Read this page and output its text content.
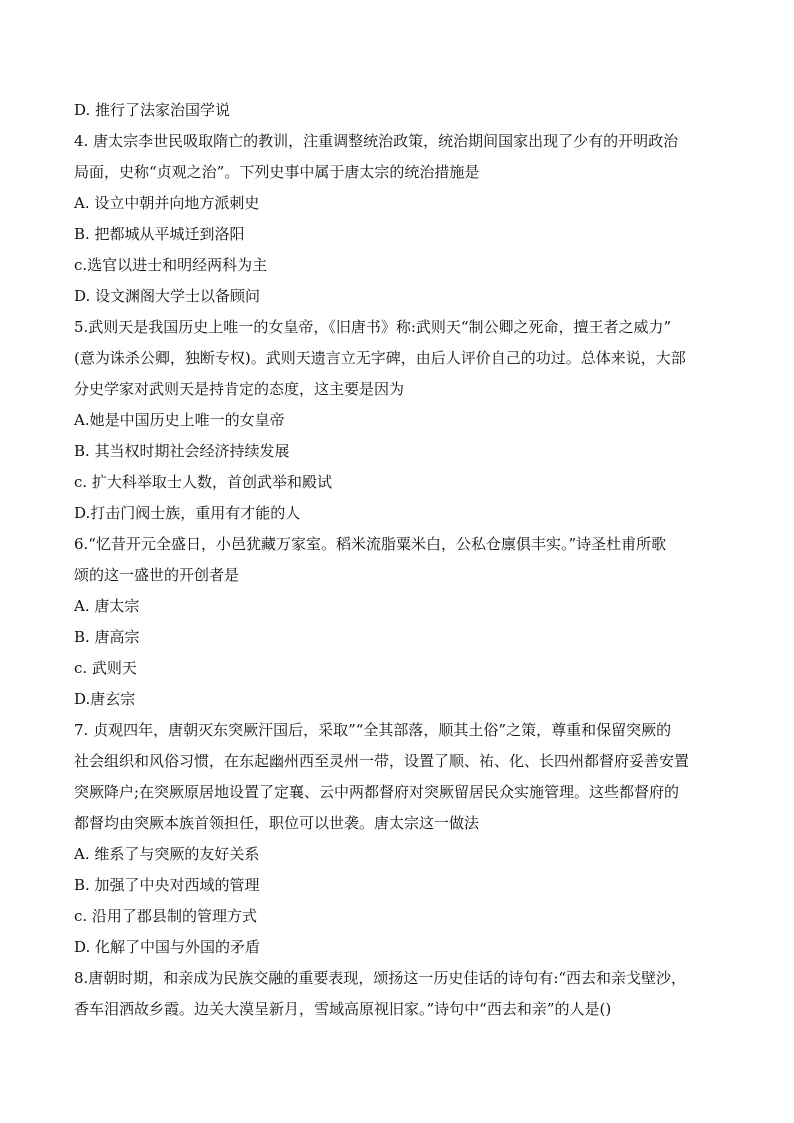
D. 推行了法家治国学说
4. 唐太宗李世民吸取隋亡的教训，注重调整统治政策，统治期间国家出现了少有的开明政治
局面，史称“贞观之治”。下列史事中属于唐太宗的统治措施是
A. 设立中朝并向地方派刺史
B. 把都城从平城迁到洛阳
c.选官以进士和明经两科为主
D. 设文渊阁大学士以备顾问
5.武则天是我国历史上唯一的女皇帝，《旧唐书》称:武则天“制公卿之死命，擅王者之威力”
(意为诛杀公卿，独断专权)。武则天遗言立无字碑，由后人评价自己的功过。总体来说，大部
分史学家对武则天是持肯定的态度，这主要是因为
A.她是中国历史上唯一的女皇帝
B. 其当权时期社会经济持续发展
c. 扩大科举取士人数，首创武举和殿试
D.打击门阀士族，重用有才能的人
6.“忆昔开元全盛日，小邑犹藏万家室。稻米流脂粟米白，公私仓廪俱丰实。”诗圣杜甫所歌
颂的这一盛世的开创者是
A. 唐太宗
B. 唐高宗
c. 武则天
D.唐玄宗
7. 贞观四年，唐朝灭东突厥汗国后，采取”“全其部落，顺其土俗”之策，尊重和保留突厥的
社会组织和风俗习惯，在东起幽州西至灵州一带，设置了顺、祐、化、长四州都督府妥善安置
突厥降户;在突厥原居地设置了定襄、云中两都督府对突厥留居民众实施管理。这些都督府的
都督均由突厥本族首领担任，职位可以世袭。唐太宗这一做法
A. 维系了与突厥的友好关系
B. 加强了中央对西域的管理
c. 沿用了郡县制的管理方式
D. 化解了中国与外国的矛盾
8.唐朝时期，和亲成为民族交融的重要表现，颂扬这一历史佳话的诗句有:“西去和亲戈壁沙，
香车泪洒故乡霞。边关大漠呈新月，雪域高原视旧家。”诗句中“西去和亲”的人是()
